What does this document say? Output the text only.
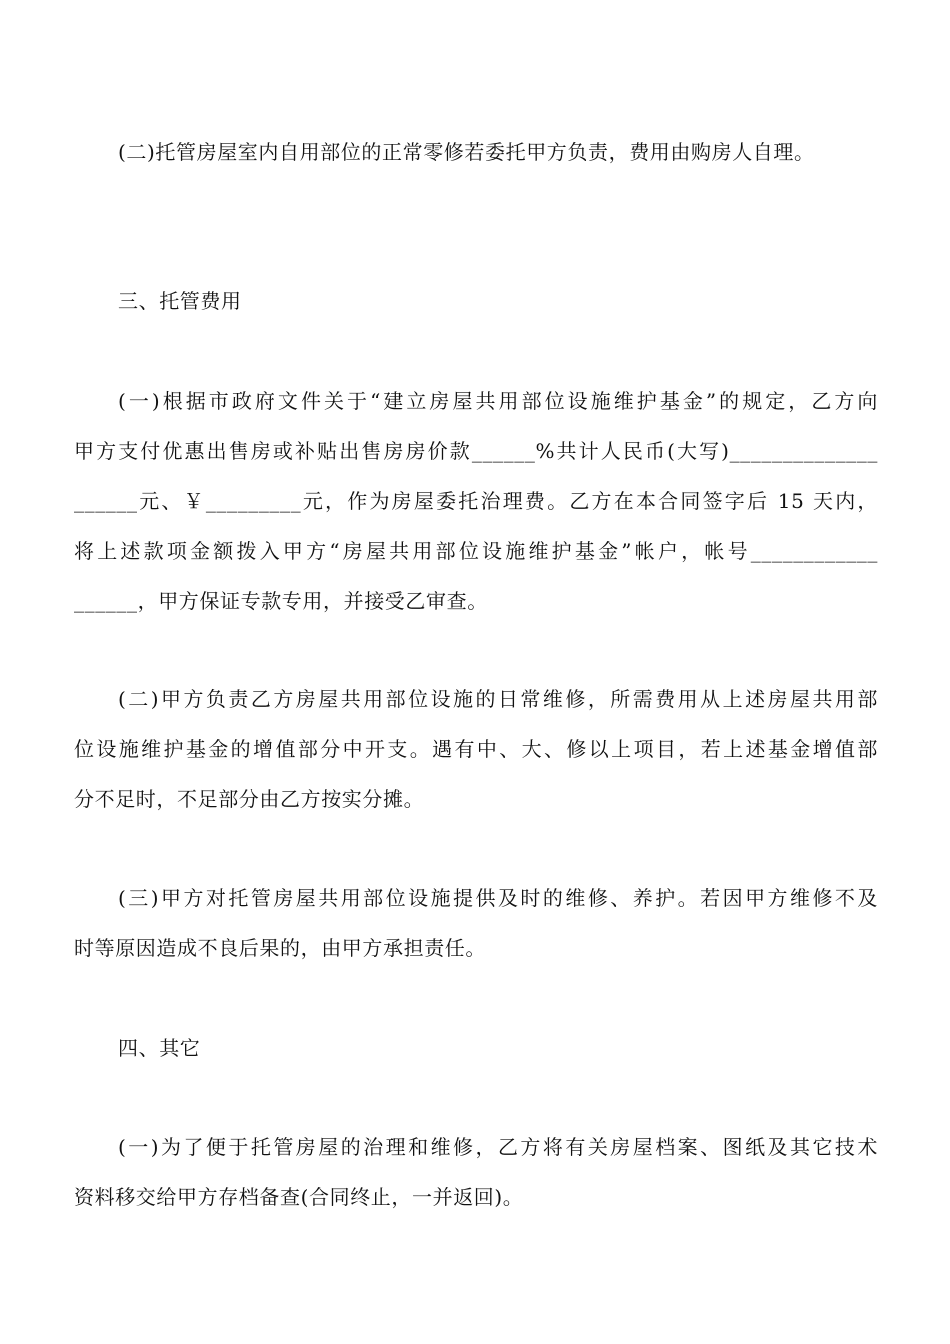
(二)托管房屋室内自用部位的正常零修若委托甲方负责，费用由购房人自理。
三、托管费用
(一)根据市政府文件关于“建立房屋共用部位设施维护基金”的规定，乙方向
甲方支付优惠出售房或补贴出售房房价款______%共计人民币(大写)______________
______元、￥_________元，作为房屋委托治理费。乙方在本合同签字后 15 天内，
将上述款项金额拨入甲方“房屋共用部位设施维护基金”帐户，帐号____________
______，甲方保证专款专用，并接受乙审查。
(二)甲方负责乙方房屋共用部位设施的日常维修，所需费用从上述房屋共用部
位设施维护基金的增值部分中开支。遇有中、大、修以上项目，若上述基金增值部
分不足时，不足部分由乙方按实分摊。
(三)甲方对托管房屋共用部位设施提供及时的维修、养护。若因甲方维修不及
时等原因造成不良后果的，由甲方承担责任。
四、其它
(一)为了便于托管房屋的治理和维修，乙方将有关房屋档案、图纸及其它技术
资料移交给甲方存档备查(合同终止，一并返回)。
